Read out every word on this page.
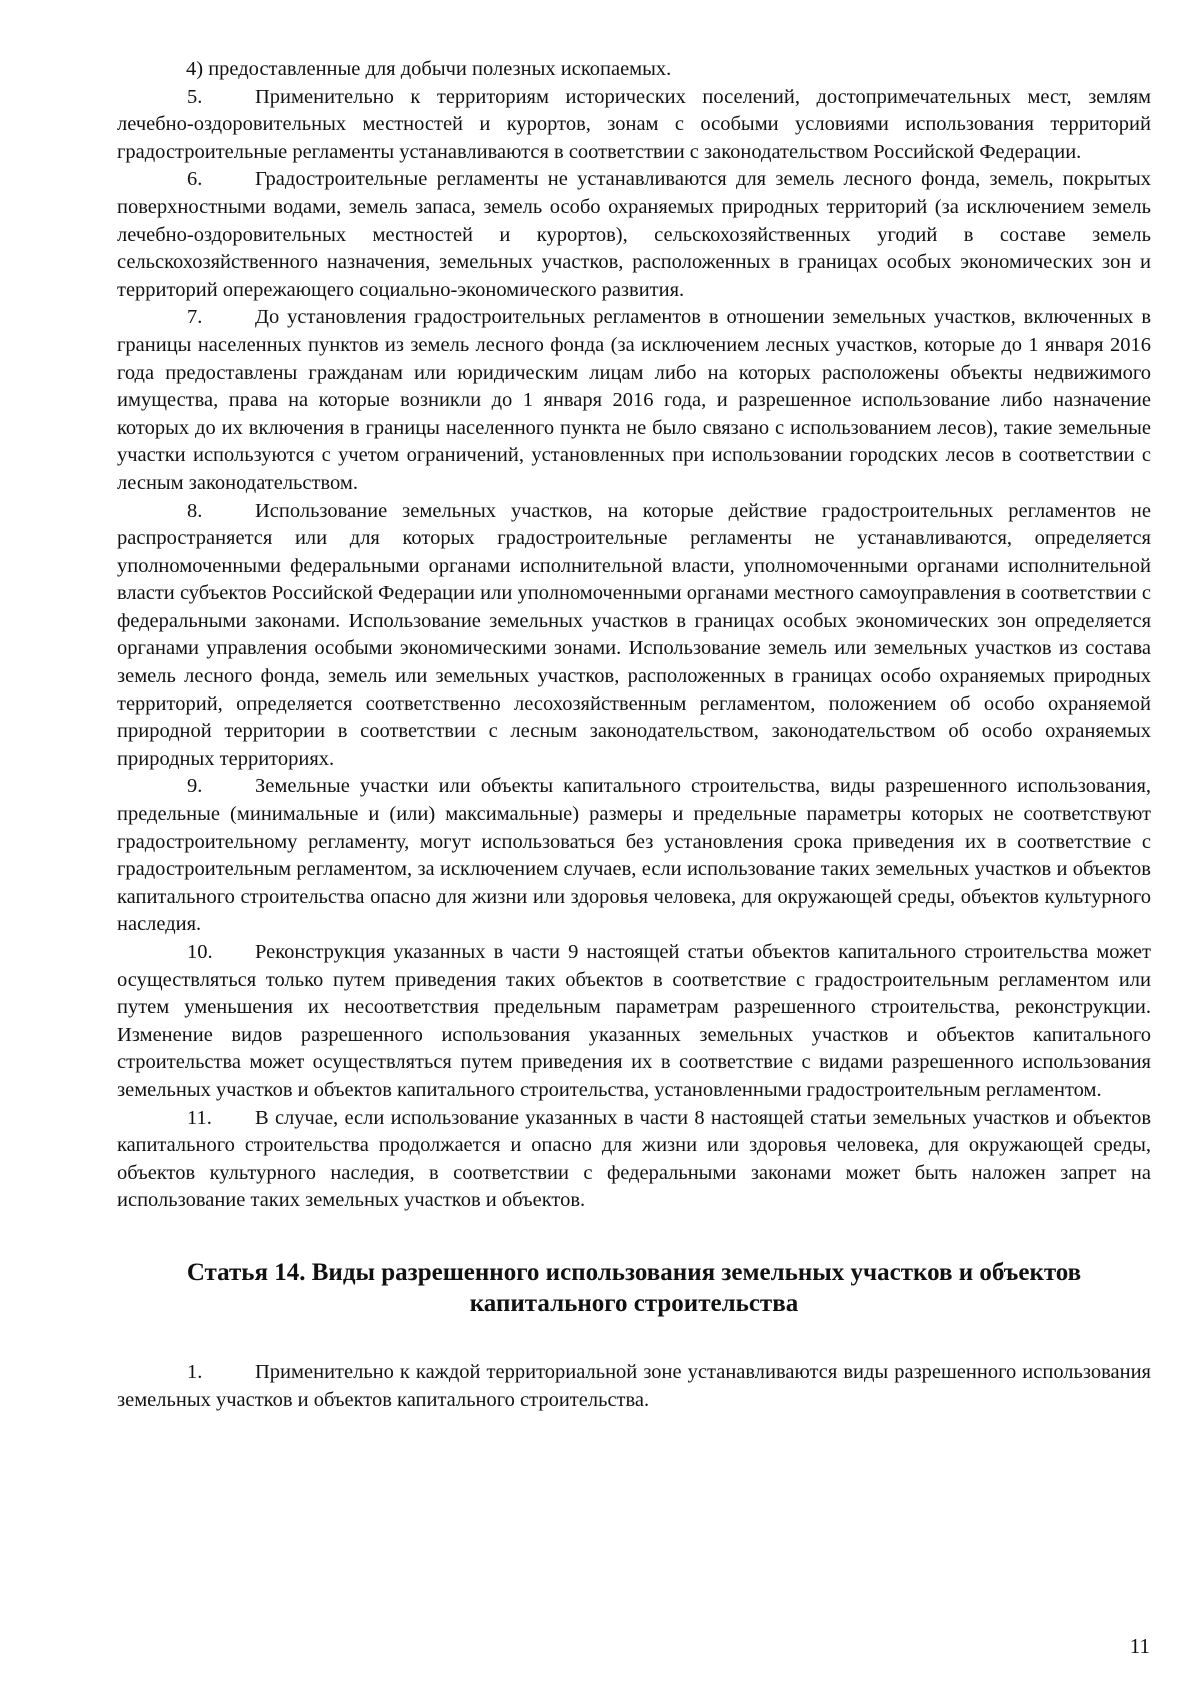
4) предоставленные для добычи полезных ископаемых.

5.	Применительно к территориям исторических поселений, достопримечательных мест, землям лечебно-оздоровительных местностей и курортов, зонам с особыми условиями использования территорий градостроительные регламенты устанавливаются в соответствии с законодательством Российской Федерации.

6.	Градостроительные регламенты не устанавливаются для земель лесного фонда, земель, покрытых поверхностными водами, земель запаса, земель особо охраняемых природных территорий (за исключением земель лечебно-оздоровительных местностей и курортов), сельскохозяйственных угодий в составе земель сельскохозяйственного назначения, земельных участков, расположенных в границах особых экономических зон и территорий опережающего социально-экономического развития.

7.	До установления градостроительных регламентов в отношении земельных участков, включенных в границы населенных пунктов из земель лесного фонда (за исключением лесных участков, которые до 1 января 2016 года предоставлены гражданам или юридическим лицам либо на которых расположены объекты недвижимого имущества, права на которые возникли до 1 января 2016 года, и разрешенное использование либо назначение которых до их включения в границы населенного пункта не было связано с использованием лесов), такие земельные участки используются с учетом ограничений, установленных при использовании городских лесов в соответствии с лесным законодательством.

8.	Использование земельных участков, на которые действие градостроительных регламентов не распространяется или для которых градостроительные регламенты не устанавливаются, определяется уполномоченными федеральными органами исполнительной власти, уполномоченными органами исполнительной власти субъектов Российской Федерации или уполномоченными органами местного самоуправления в соответствии с федеральными законами. Использование земельных участков в границах особых экономических зон определяется органами управления особыми экономическими зонами. Использование земель или земельных участков из состава земель лесного фонда, земель или земельных участков, расположенных в границах особо охраняемых природных территорий, определяется соответственно лесохозяйственным регламентом, положением об особо охраняемой природной территории в соответствии с лесным законодательством, законодательством об особо охраняемых природных территориях.

9.	Земельные участки или объекты капитального строительства, виды разрешенного использования, предельные (минимальные и (или) максимальные) размеры и предельные параметры которых не соответствуют градостроительному регламенту, могут использоваться без установления срока приведения их в соответствие с градостроительным регламентом, за исключением случаев, если использование таких земельных участков и объектов капитального строительства опасно для жизни или здоровья человека, для окружающей среды, объектов культурного наследия.

10. Реконструкция указанных в части 9 настоящей статьи объектов капитального строительства может осуществляться только путем приведения таких объектов в соответствие с градостроительным регламентом или путем уменьшения их несоответствия предельным параметрам разрешенного строительства, реконструкции. Изменение видов разрешенного использования указанных земельных участков и объектов капитального строительства может осуществляться путем приведения их в соответствие с видами разрешенного использования земельных участков и объектов капитального строительства, установленными градостроительным регламентом.

11. В случае, если использование указанных в части 8 настоящей статьи земельных участков и объектов капитального строительства продолжается и опасно для жизни или здоровья человека, для окружающей среды, объектов культурного наследия, в соответствии с федеральными законами может быть наложен запрет на использование таких земельных участков и объектов.

Статья 14. Виды разрешенного использования земельных участков и объектов капитального строительства

1.	Применительно к каждой территориальной зоне устанавливаются виды разрешенного использования земельных участков и объектов капитального строительства.

11
